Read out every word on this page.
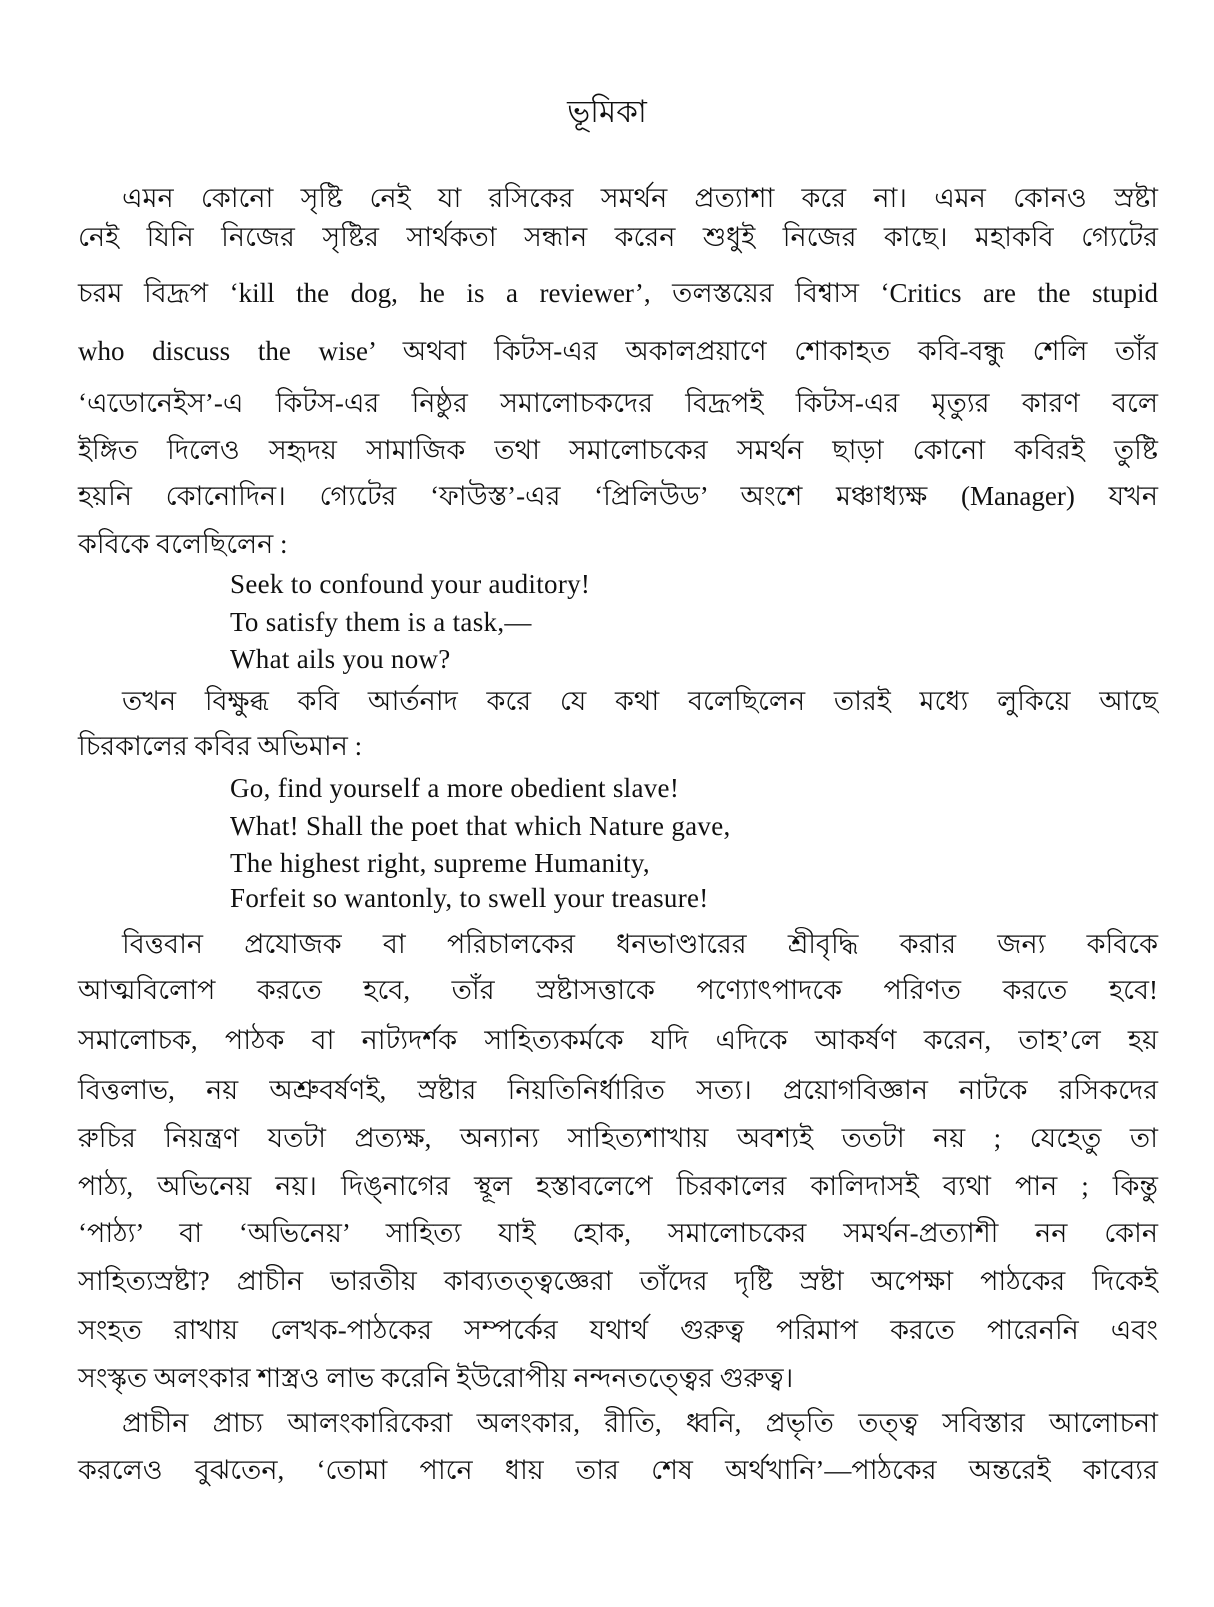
ভূমিকা
এমন কোনো সৃষ্টি নেই যা রসিকের সমর্থন প্রত্যাশা করে না। এমন কোনও স্রষ্টা
নেই যিনি নিজের সৃষ্টির সার্থকতা সন্ধান করেন শুধুই নিজের কাছে। মহাকবি গ্যেটের
চরম বিদ্রূপ ‘kill the dog, he is a reviewer’, তলস্তয়ের বিশ্বাস ‘Critics are the stupid
who discuss the wise’ অথবা কিটস-এর অকালপ্রয়াণে শোকাহত কবি-বন্ধু শেলি তাঁর
‘এডোনেইস’-এ কিটস-এর নিষ্ঠুর সমালোচকদের বিদ্রূপই কিটস-এর মৃত্যুর কারণ বলে
ইঙ্গিত দিলেও সহৃদয় সামাজিক তথা সমালোচকের সমর্থন ছাড়া কোনো কবিরই তুষ্টি
হয়নি কোনোদিন। গ্যেটের ‘ফাউস্ত’-এর ‘প্রিলিউড’ অংশে মঞ্চাধ্যক্ষ (Manager) যখন
কবিকে বলেছিলেন :
Seek to confound your auditory!
To satisfy them is a task,—
What ails you now?
তখন বিক্ষুব্ধ কবি আর্তনাদ করে যে কথা বলেছিলেন তারই মধ্যে লুকিয়ে আছে
চিরকালের কবির অভিমান :
Go, find yourself a more obedient slave!
What! Shall the poet that which Nature gave,
The highest right, supreme Humanity,
Forfeit so wantonly, to swell your treasure!
বিত্তবান প্রযোজক বা পরিচালকের ধনভাণ্ডারের শ্রীবৃদ্ধি করার জন্য কবিকে
আত্মবিলোপ করতে হবে, তাঁর স্রষ্টাসত্তাকে পণ্যোৎপাদকে পরিণত করতে হবে!
সমালোচক, পাঠক বা নাট্যদর্শক সাহিত্যকর্মকে যদি এদিকে আকর্ষণ করেন, তাহ’লে হয়
বিত্তলাভ, নয় অশ্রুবর্ষণই, স্রষ্টার নিয়তিনির্ধারিত সত্য। প্রয়োগবিজ্ঞান নাটকে রসিকদের
রুচির নিয়ন্ত্রণ যতটা প্রত্যক্ষ, অন্যান্য সাহিত্যশাখায় অবশ্যই ততটা নয় ; যেহেতু তা
পাঠ্য, অভিনেয় নয়। দিঙ্‌নাগের স্থূল হস্তাবলেপে চিরকালের কালিদাসই ব্যথা পান ; কিন্তু
‘পাঠ্য’ বা ‘অভিনেয়’ সাহিত্য যাই হোক, সমালোচকের সমর্থন-প্রত্যাশী নন কোন
সাহিত্যস্রষ্টা? প্রাচীন ভারতীয় কাব্যতত্ত্বজ্ঞেরা তাঁদের দৃষ্টি স্রষ্টা অপেক্ষা পাঠকের দিকেই
সংহত রাখায় লেখক-পাঠকের সম্পর্কের যথার্থ গুরুত্ব পরিমাপ করতে পারেননি এবং
সংস্কৃত অলংকার শাস্ত্রও লাভ করেনি ইউরোপীয় নন্দনতত্ত্বের গুরুত্ব।
প্রাচীন প্রাচ্য আলংকারিকেরা অলংকার, রীতি, ধ্বনি, প্রভৃতি তত্ত্ব সবিস্তার আলোচনা
করলেও বুঝতেন, ‘তোমা পানে ধায় তার শেষ অর্থখানি’—পাঠকের অন্তরেই কাব্যের
